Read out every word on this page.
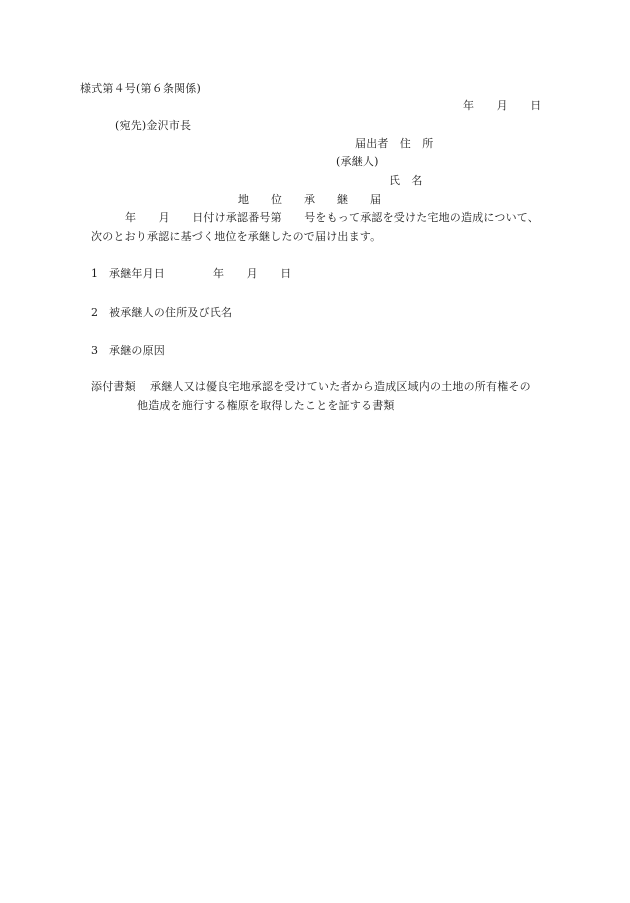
様式第４号(第６条関係)
年　　月　　日
(宛先)金沢市長
届出者　住　所
(承継人)
氏　名
地　　位　　承　　継　　届
年　　月　　日付け承認番号第　　号をもって承認を受けた宅地の造成について、
次のとおり承認に基づく地位を承継したので届け出ます。
1 承継年月日	年　　月　　日
2 被承継人の住所及び氏名
3 承継の原因
添付書類 承継人又は優良宅地承認を受けていた者から造成区域内の土地の所有権その
他造成を施行する権原を取得したことを証する書類
